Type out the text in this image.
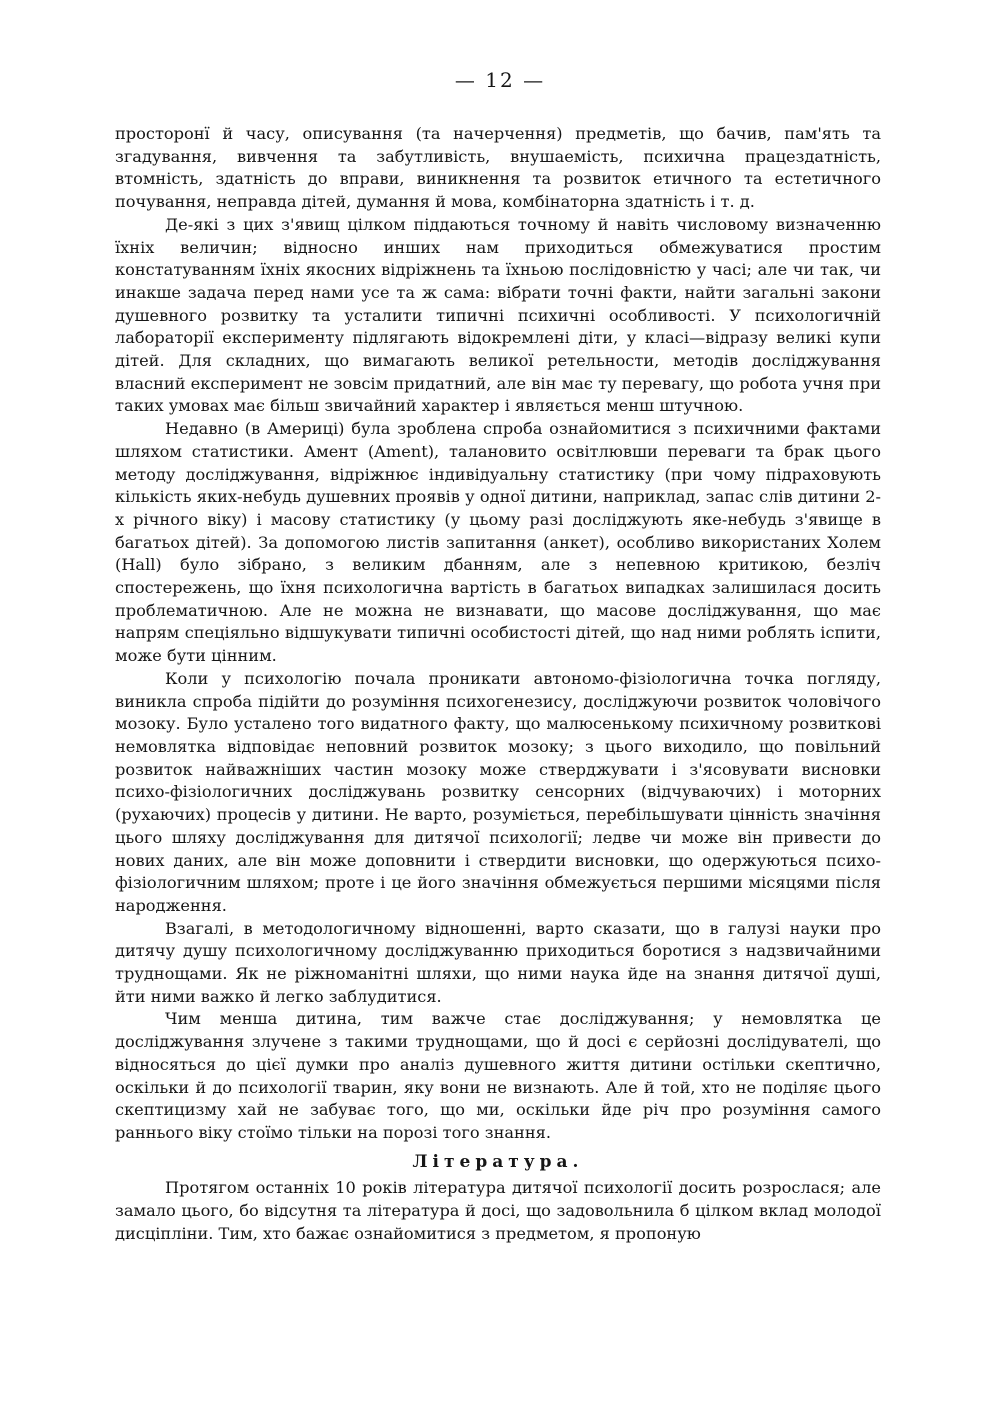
— 12 —

просторонї й часу, описування (та начерчення) предметів, що бачив, пам'ять та згадування, вивчення та забутливість, внушаемість, психична працездатність, втомність, здатність до вправи, виникнення та розвиток етичного та естетичного почування, неправда дітей, думання й мова, комбінаторна здатність і т. д.

Де-які з цих з'явищ цілком піддаються точному й навіть числовому визначенню їхніх величин; відносно инших нам приходиться обмежуватися простим констатуванням їхніх якосних відріжнень та їхньою послідовністю у часі; але чи так, чи инакше задача перед нами усе та ж сама: вібрати точні факти, найти загальні закони душевного розвитку та усталити типичні психичні особливості. У психологичній лабораторії експерименту підлягають відокремлені діти, у класі—відразу великі купи дітей. Для складних, що вимагають великої ретельности, методів досліджування власний експеримент не зовсім придатний, але він має ту перевагу, що робота учня при таких умовах має більш звичайний характер і являється менш штучною.

Недавно (в Америці) була зроблена спроба ознайомитися з психичними фактами шляхом статистики. Амент (Ament), талановито освітлювши переваги та брак цього методу досліджування, відріжнює індивідуальну статистику (при чому підраховують кількість яких-небудь душевних проявів у одної дитини, наприклад, запас слів дитини 2-х річного віку) і масову статистику (у цьому разі досліджують яке-небудь з'явище в багатьох дітей). За допомогою листів запитання (анкет), особливо використаних Холем (Hall) було зібрано, з великим дбанням, але з непевною критикою, безліч спостережень, що їхня психологична вартість в багатьох випадках залишилася досить проблематичною. Але не можна не визнавати, що масове досліджування, що має напрям спеціяльно відшукувати типичні особистості дітей, що над ними роблять іспити, може бути цінним.

Коли у психологію почала проникати автономо-фізіологична точка погляду, виникла спроба підійти до розуміння психогенезису, досліджуючи розвиток чоловічого мозоку. Було усталено того видатного факту, що малюсенькому психичному розвиткові немовлятка відповідає неповний розвиток мозоку; з цього виходило, що повільний розвиток найважніших частин мозоку може стверджувати і з'ясовувати висновки психо-фізіологичних досліджувань розвитку сенсорних (відчуваючих) і моторних (рухаючих) процесів у дитини. Не варто, розуміється, перебільшувати цінність значіння цього шляху досліджування для дитячої психології; ледве чи може він привести до нових даних, але він може доповнити і ствердити висновки, що одержуються психо-фізіологичним шляхом; проте і це його значіння обмежується першими місяцями після народження.

Взагалі, в методологичному відношенні, варто сказати, що в галузі науки про дитячу душу психологичному досліджуванню приходиться боротися з надзвичайними труднощами. Як не ріжноманітні шляхи, що ними наука йде на знання дитячої душі, йти ними важко й легко заблудитися.

Чим менша дитина, тим важче стає досліджування; у немовлятка це досліджування злучене з такими труднощами, що й досі є серйозні дослідувателі, що відносяться до цієї думки про аналіз душевного життя дитини остільки скептично, оскільки й до психології тварин, яку вони не визнають. Але й той, хто не поділяє цього скептицизму хай не забуває того, що ми, оскільки йде річ про розуміння самого раннього віку стоїмо тільки на порозі того знання.

Література.

Протягом останніх 10 років література дитячої психології досить розрослася; але замало цього, бо відсутня та література й досі, що задовольнила б цілком вклад молодої дисціпліни. Тим, хто бажає ознайомитися з предметом, я пропоную
